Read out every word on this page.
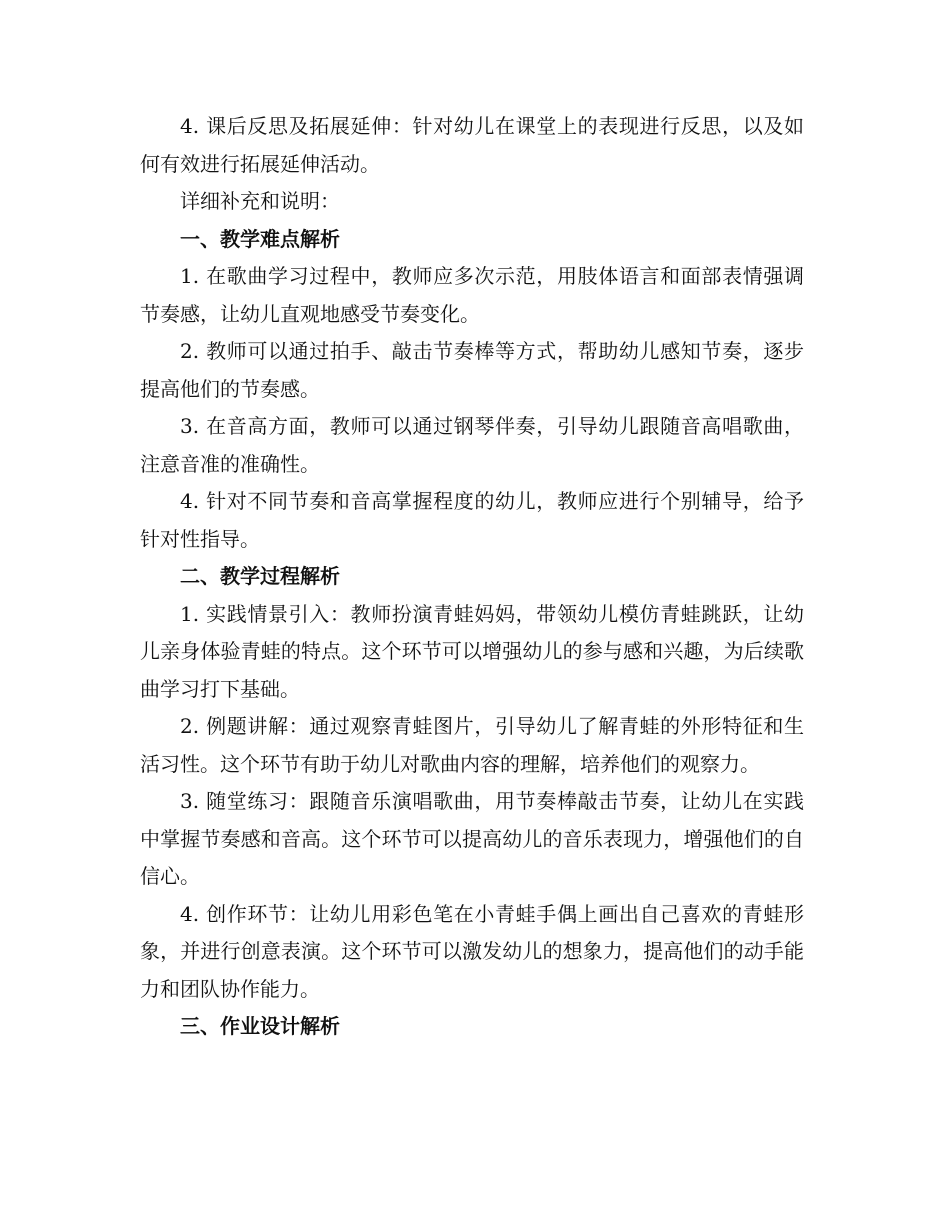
4. 课后反思及拓展延伸：针对幼儿在课堂上的表现进行反思，以及如何有效进行拓展延伸活动。

详细补充和说明：

一、教学难点解析

1. 在歌曲学习过程中，教师应多次示范，用肢体语言和面部表情强调节奏感，让幼儿直观地感受节奏变化。

2. 教师可以通过拍手、敲击节奏棒等方式，帮助幼儿感知节奏，逐步提高他们的节奏感。

3. 在音高方面，教师可以通过钢琴伴奏，引导幼儿跟随音高唱歌曲，注意音准的准确性。

4. 针对不同节奏和音高掌握程度的幼儿，教师应进行个别辅导，给予针对性指导。

二、教学过程解析

1. 实践情景引入：教师扮演青蛙妈妈，带领幼儿模仿青蛙跳跃，让幼儿亲身体验青蛙的特点。这个环节可以增强幼儿的参与感和兴趣，为后续歌曲学习打下基础。

2. 例题讲解：通过观察青蛙图片，引导幼儿了解青蛙的外形特征和生活习性。这个环节有助于幼儿对歌曲内容的理解，培养他们的观察力。

3. 随堂练习：跟随音乐演唱歌曲，用节奏棒敲击节奏，让幼儿在实践中掌握节奏感和音高。这个环节可以提高幼儿的音乐表现力，增强他们的自信心。

4. 创作环节：让幼儿用彩色笔在小青蛙手偶上画出自己喜欢的青蛙形象，并进行创意表演。这个环节可以激发幼儿的想象力，提高他们的动手能力和团队协作能力。

三、作业设计解析
